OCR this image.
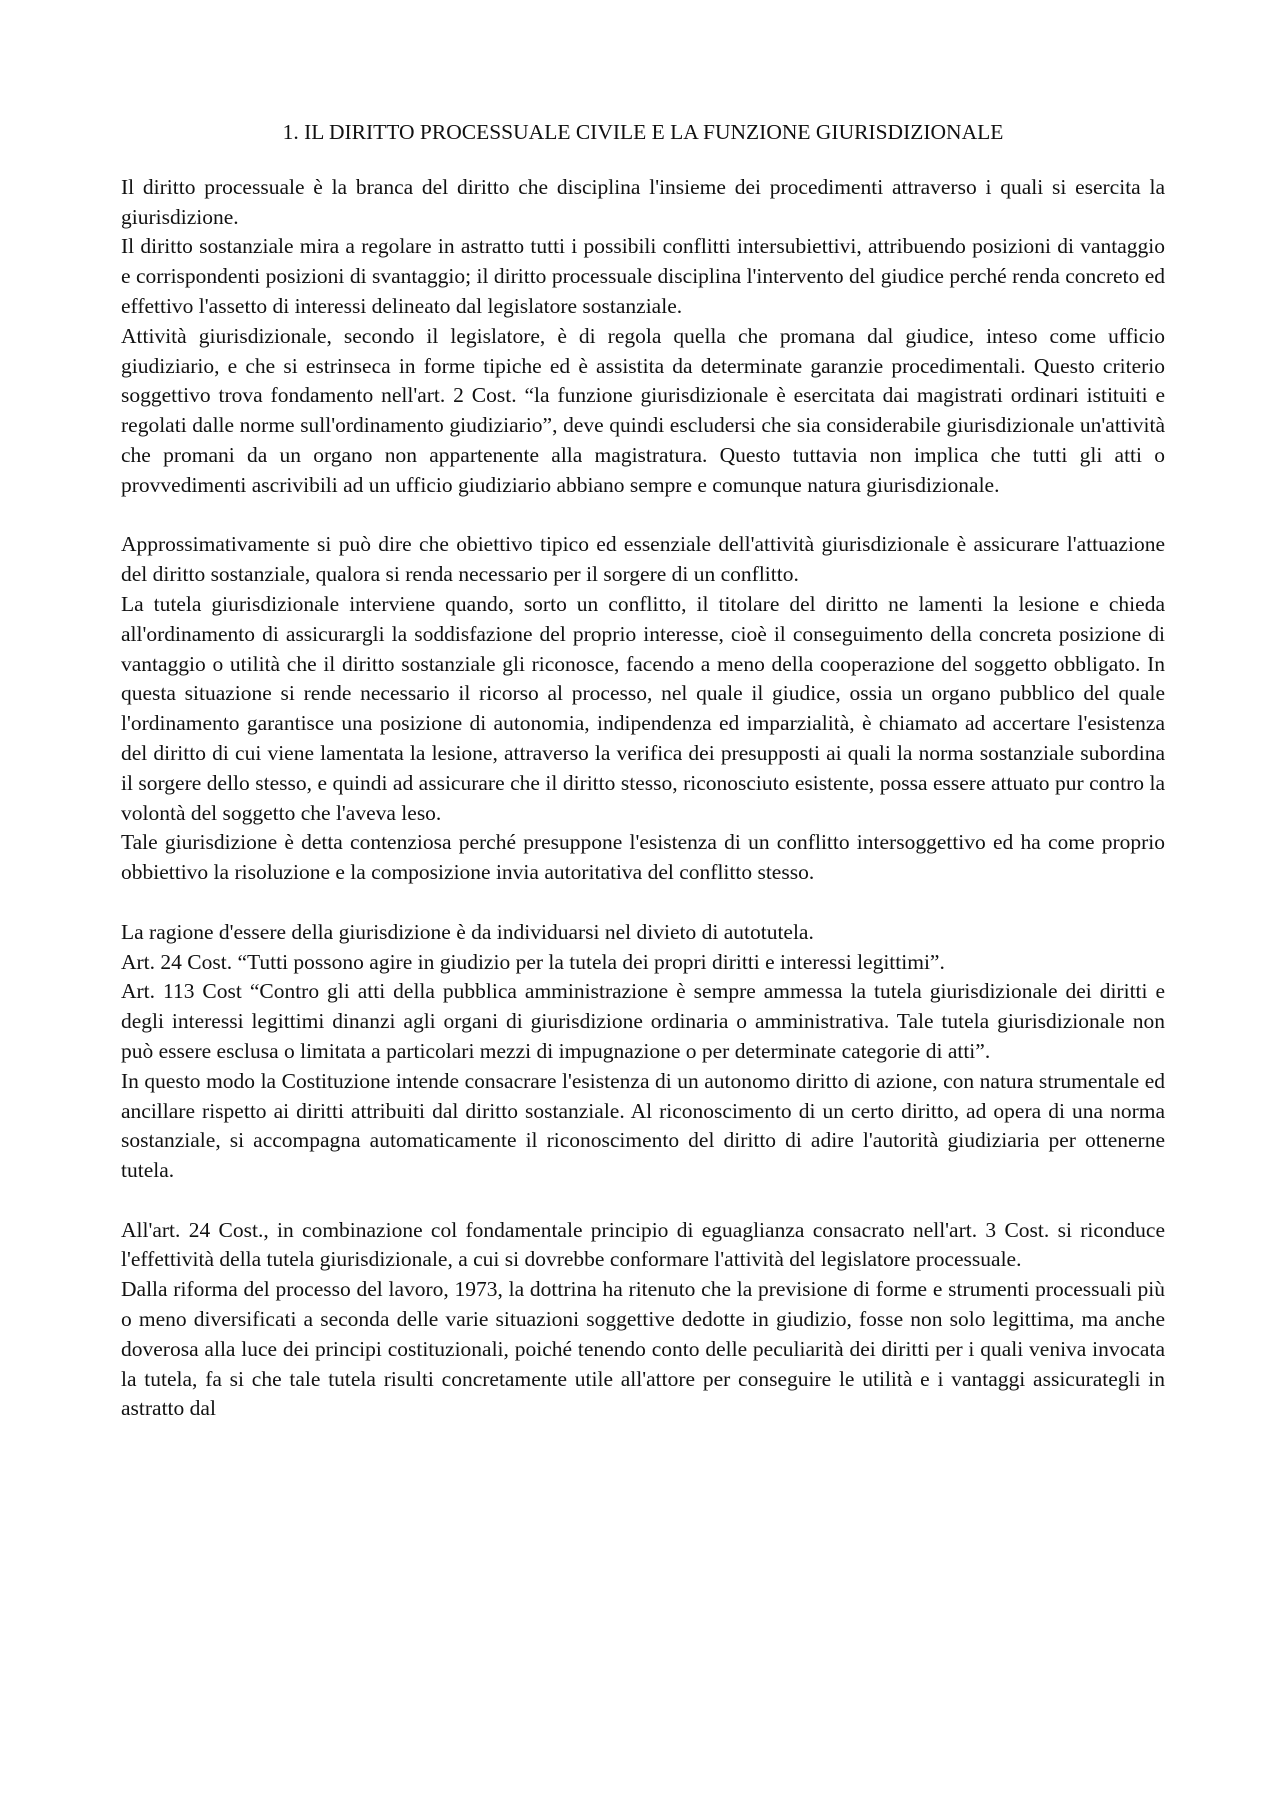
1. IL DIRITTO PROCESSUALE CIVILE E LA FUNZIONE GIURISDIZIONALE

Il diritto processuale è la branca del diritto che disciplina l'insieme dei procedimenti attraverso i quali si esercita la giurisdizione.

Il diritto sostanziale mira a regolare in astratto tutti i possibili conflitti intersubiettivi, attribuendo posizioni di vantaggio e corrispondenti posizioni di svantaggio; il diritto processuale disciplina l'intervento del giudice perché renda concreto ed effettivo l'assetto di interessi delineato dal legislatore sostanziale.

Attività giurisdizionale, secondo il legislatore, è di regola quella che promana dal giudice, inteso come ufficio giudiziario, e che si estrinseca in forme tipiche ed è assistita da determinate garanzie procedimentali. Questo criterio soggettivo trova fondamento nell'art. 2 Cost. “la funzione giurisdizionale è esercitata dai magistrati ordinari istituiti e regolati dalle norme sull'ordinamento giudiziario”, deve quindi escludersi che sia considerabile giurisdizionale un'attività che promani da un organo non appartenente alla magistratura. Questo tuttavia non implica che tutti gli atti o provvedimenti ascrivibili ad un ufficio giudiziario abbiano sempre e comunque natura giurisdizionale.

Approssimativamente si può dire che obiettivo tipico ed essenziale dell'attività giurisdizionale è assicurare l'attuazione del diritto sostanziale, qualora si renda necessario per il sorgere di un conflitto.

La tutela giurisdizionale interviene quando, sorto un conflitto, il titolare del diritto ne lamenti la lesione e chieda all'ordinamento di assicurargli la soddisfazione del proprio interesse, cioè il conseguimento della concreta posizione di vantaggio o utilità che il diritto sostanziale gli riconosce, facendo a meno della cooperazione del soggetto obbligato. In questa situazione si rende necessario il ricorso al processo, nel quale il giudice, ossia un organo pubblico del quale l'ordinamento garantisce una posizione di autonomia, indipendenza ed imparzialità, è chiamato ad accertare l'esistenza del diritto di cui viene lamentata la lesione, attraverso la verifica dei presupposti ai quali la norma sostanziale subordina il sorgere dello stesso, e quindi ad assicurare che il diritto stesso, riconosciuto esistente, possa essere attuato pur contro la volontà del soggetto che l'aveva leso.

Tale giurisdizione è detta contenziosa perché presuppone l'esistenza di un conflitto intersoggettivo ed ha come proprio obbiettivo la risoluzione e la composizione invia autoritativa del conflitto stesso.

La ragione d'essere della giurisdizione è da individuarsi nel divieto di autotutela.

Art. 24 Cost. “Tutti possono agire in giudizio per la tutela dei propri diritti e interessi legittimi”.

Art. 113 Cost “Contro gli atti della pubblica amministrazione è sempre ammessa la tutela giurisdizionale dei diritti e degli interessi legittimi dinanzi agli organi di giurisdizione ordinaria o amministrativa. Tale tutela giurisdizionale non può essere esclusa o limitata a particolari mezzi di impugnazione o per determinate categorie di atti”.

In questo modo la Costituzione intende consacrare l'esistenza di un autonomo diritto di azione, con natura strumentale ed ancillare rispetto ai diritti attribuiti dal diritto sostanziale. Al riconoscimento di un certo diritto, ad opera di una norma sostanziale, si accompagna automaticamente il riconoscimento del diritto di adire l'autorità giudiziaria per ottenerne tutela.

All'art. 24 Cost., in combinazione col fondamentale principio di eguaglianza consacrato nell'art. 3 Cost. si riconduce l'effettività della tutela giurisdizionale, a cui si dovrebbe conformare l'attività del legislatore processuale.

Dalla riforma del processo del lavoro, 1973, la dottrina ha ritenuto che la previsione di forme e strumenti processuali più o meno diversificati a seconda delle varie situazioni soggettive dedotte in giudizio, fosse non solo legittima, ma anche doverosa alla luce dei principi costituzionali, poiché tenendo conto delle peculiarità dei diritti per i quali veniva invocata la tutela, fa si che tale tutela risulti concretamente utile all'attore per conseguire le utilità e i vantaggi assicurategli in astratto dal
